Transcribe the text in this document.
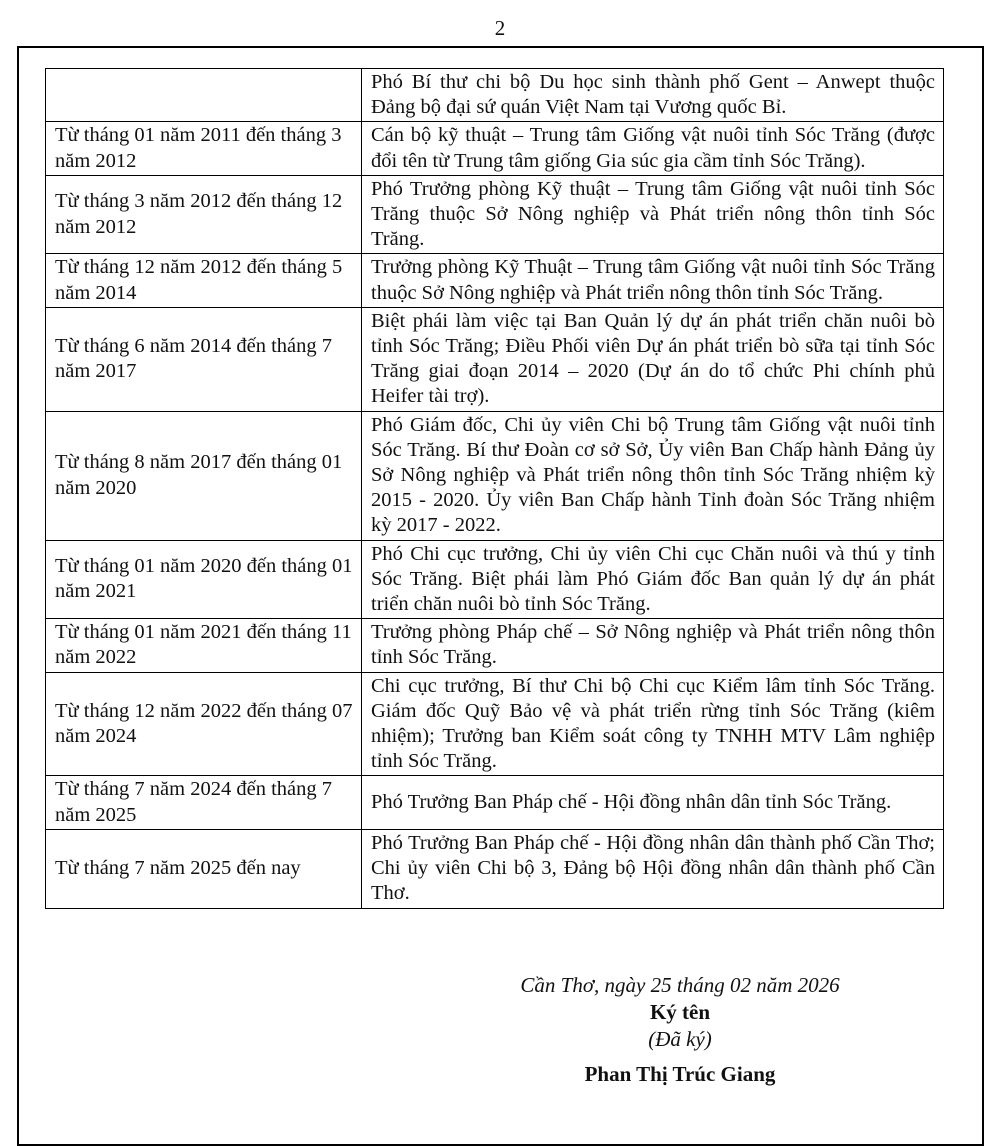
2
	Phó Bí thư chi bộ Du học sinh thành phố Gent – Anwept thuộc Đảng bộ đại sứ quán Việt Nam tại Vương quốc Bỉ.
Từ tháng 01 năm 2011 đến tháng 3 năm 2012	Cán bộ kỹ thuật – Trung tâm Giống vật nuôi tỉnh Sóc Trăng (được đổi tên từ Trung tâm giống Gia súc gia cầm tỉnh Sóc Trăng).
Từ tháng 3 năm 2012 đến tháng 12 năm 2012	Phó Trưởng phòng Kỹ thuật – Trung tâm Giống vật nuôi tỉnh Sóc Trăng thuộc Sở Nông nghiệp và Phát triển nông thôn tỉnh Sóc Trăng.
Từ tháng 12 năm 2012 đến tháng 5 năm 2014	Trưởng phòng Kỹ Thuật – Trung tâm Giống vật nuôi tỉnh Sóc Trăng thuộc Sở Nông nghiệp và Phát triển nông thôn tỉnh Sóc Trăng.
Từ tháng 6 năm 2014 đến tháng 7 năm 2017	Biệt phái làm việc tại Ban Quản lý dự án phát triển chăn nuôi bò tỉnh Sóc Trăng; Điều Phối viên Dự án phát triển bò sữa tại tỉnh Sóc Trăng giai đoạn 2014 – 2020 (Dự án do tổ chức Phi chính phủ Heifer tài trợ).
Từ tháng 8 năm 2017 đến tháng 01 năm 2020	Phó Giám đốc, Chi ủy viên Chi bộ Trung tâm Giống vật nuôi tỉnh Sóc Trăng. Bí thư Đoàn cơ sở Sở, Ủy viên Ban Chấp hành Đảng ủy Sở Nông nghiệp và Phát triển nông thôn tỉnh Sóc Trăng nhiệm kỳ 2015 - 2020. Ủy viên Ban Chấp hành Tỉnh đoàn Sóc Trăng nhiệm kỳ 2017 - 2022.
Từ tháng 01 năm 2020 đến tháng 01 năm 2021	Phó Chi cục trưởng, Chi ủy viên Chi cục Chăn nuôi và thú y tỉnh Sóc Trăng. Biệt phái làm Phó Giám đốc Ban quản lý dự án phát triển chăn nuôi bò tỉnh Sóc Trăng.
Từ tháng 01 năm 2021 đến tháng 11 năm 2022	Trưởng phòng Pháp chế – Sở Nông nghiệp và Phát triển nông thôn tỉnh Sóc Trăng.
Từ tháng 12 năm 2022 đến tháng 07 năm 2024	Chi cục trưởng, Bí thư Chi bộ Chi cục Kiểm lâm tỉnh Sóc Trăng. Giám đốc Quỹ Bảo vệ và phát triển rừng tỉnh Sóc Trăng (kiêm nhiệm); Trưởng ban Kiểm soát công ty TNHH MTV Lâm nghiệp tỉnh Sóc Trăng.
Từ tháng 7 năm 2024 đến tháng 7 năm 2025	Phó Trưởng Ban Pháp chế - Hội đồng nhân dân tỉnh Sóc Trăng.
Từ tháng 7 năm 2025 đến nay	Phó Trưởng Ban Pháp chế - Hội đồng nhân dân thành phố Cần Thơ; Chi ủy viên Chi bộ 3, Đảng bộ Hội đồng nhân dân thành phố Cần Thơ.
Cần Thơ, ngày 25 tháng 02 năm 2026
Ký tên
(Đã ký)
Phan Thị Trúc Giang
